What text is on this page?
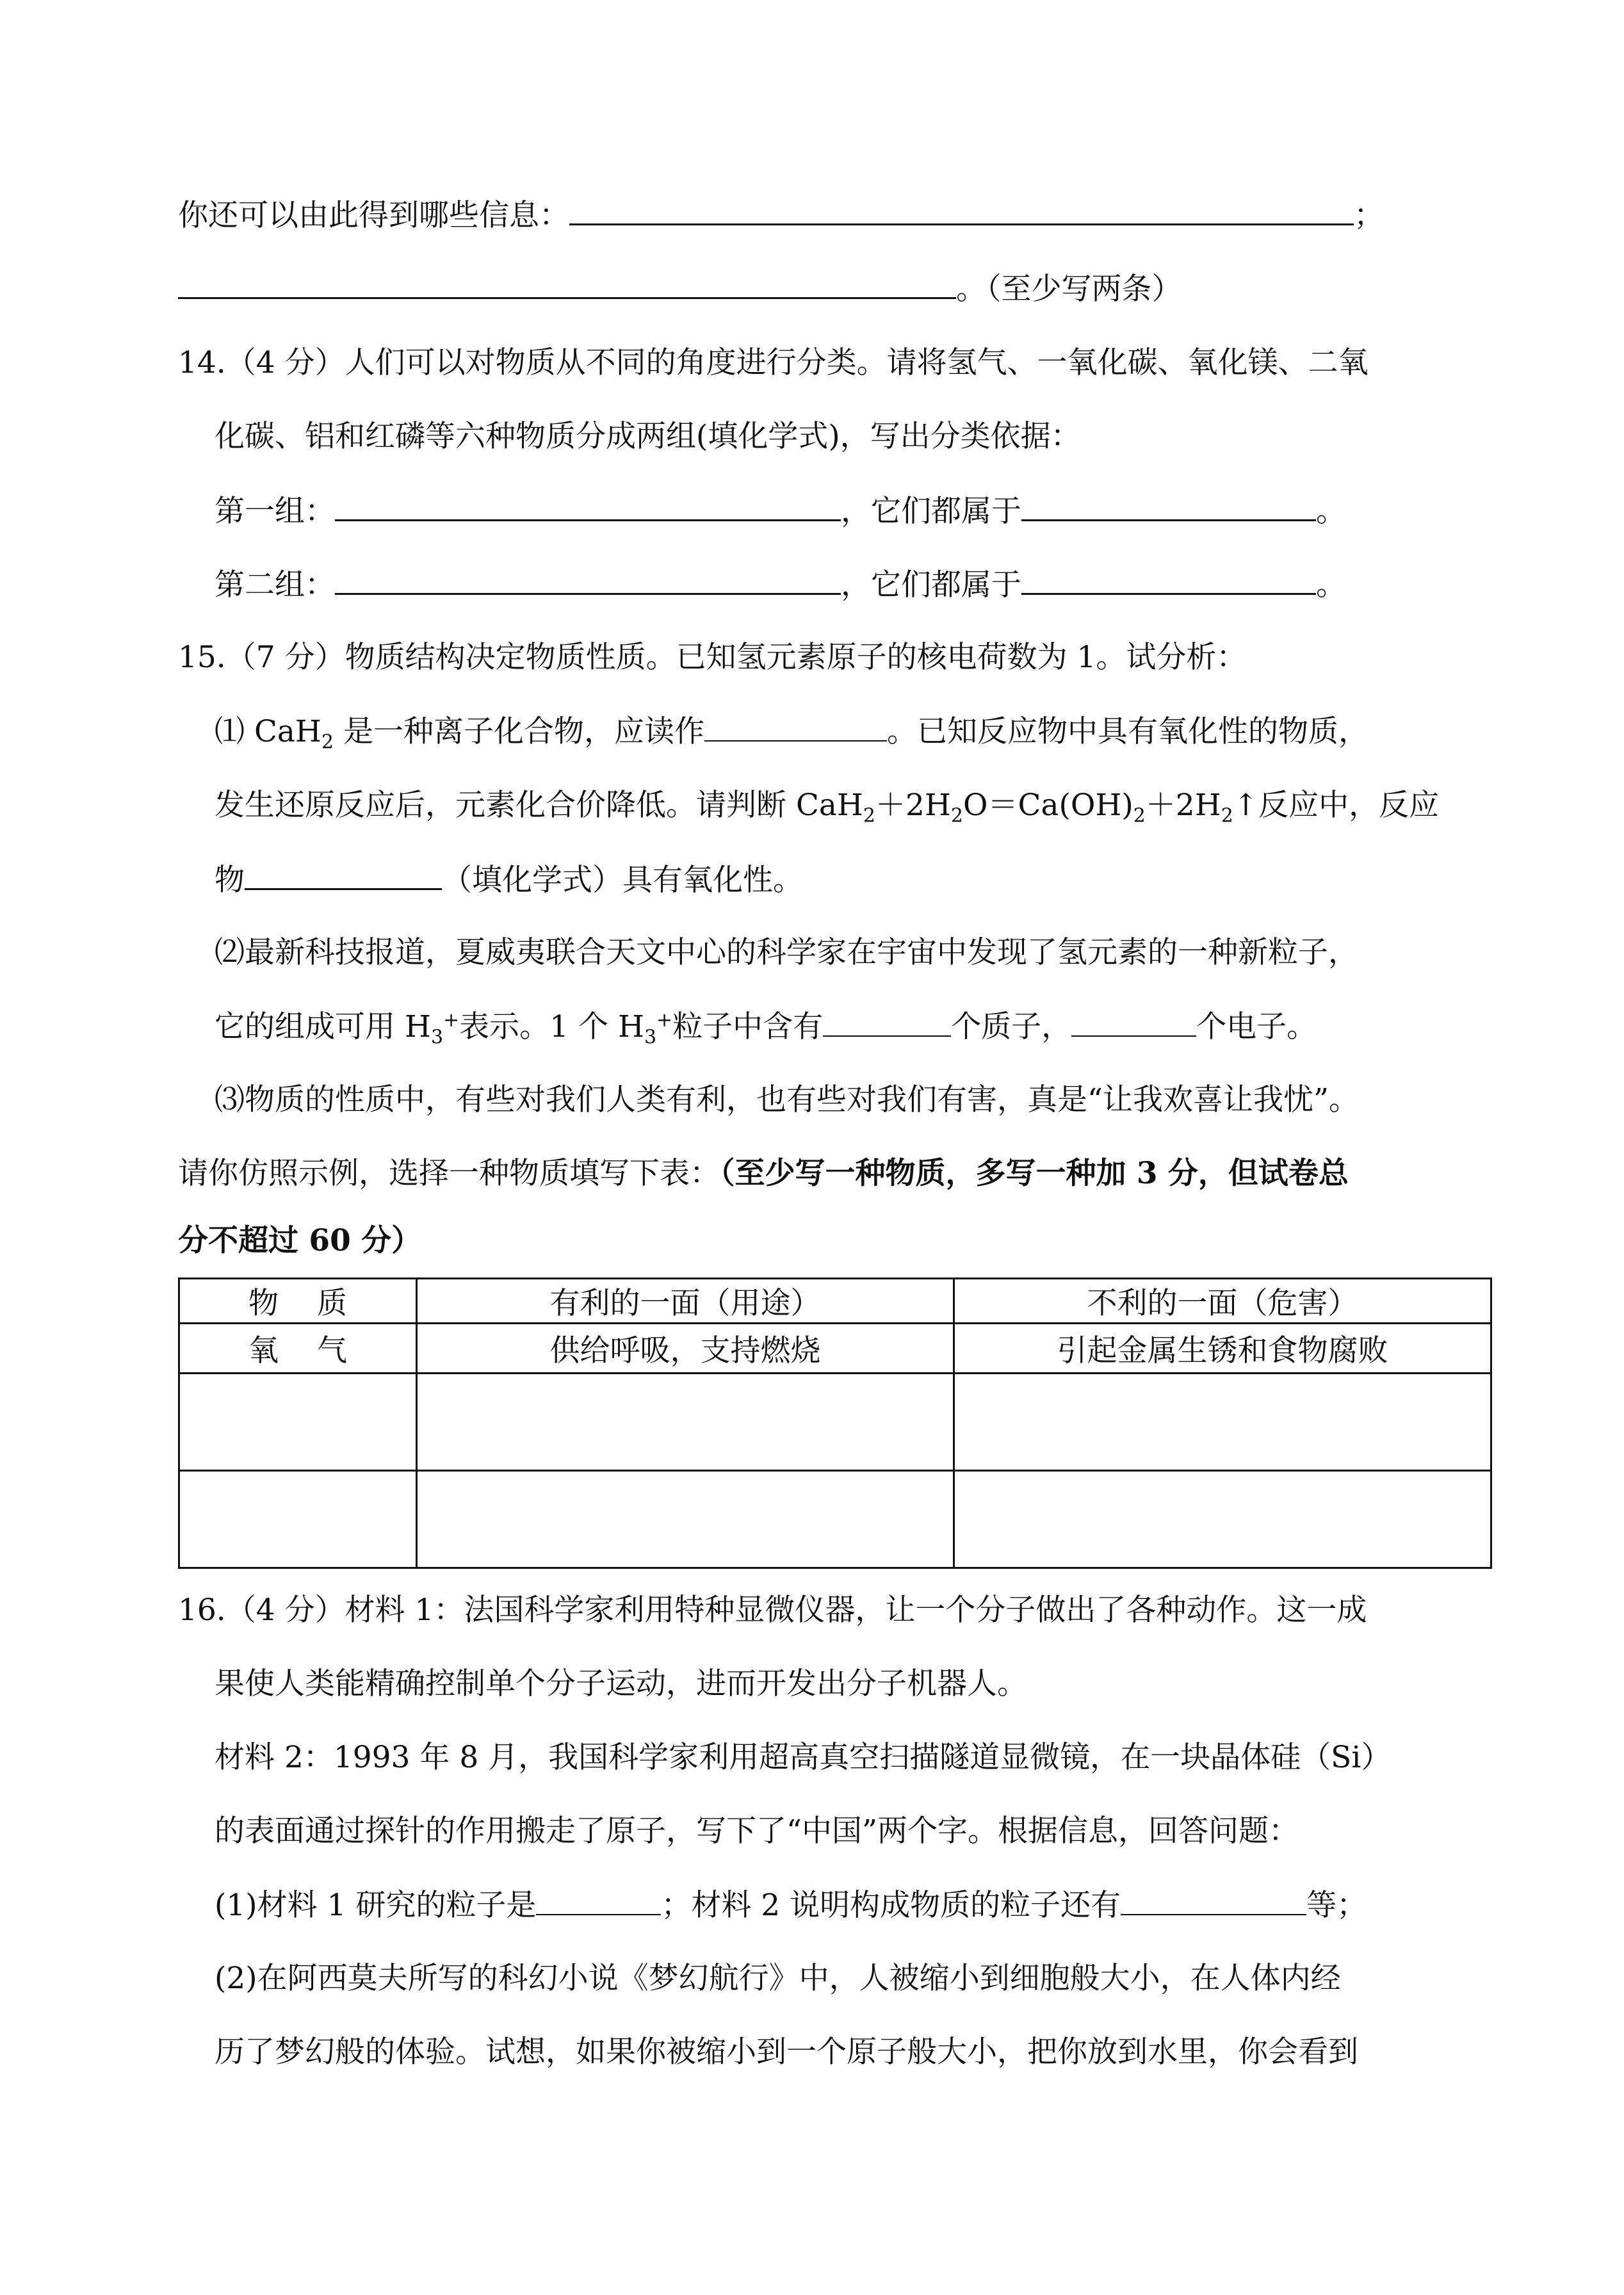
你还可以由此得到哪些信息：	；
。（至少写两条）
14.（4 分）人们可以对物质从不同的角度进行分类。请将氢气、一氧化碳、氧化镁、二氧
化碳、铝和红磷等六种物质分成两组(填化学式)，写出分类依据：
第一组：	，它们都属于	。
第二组：	，它们都属于	。
15.（7 分）物质结构决定物质性质。已知氢元素原子的核电荷数为 1。试分析：
⑴ CaH$_2$ 是一种离子化合物，应读作	。已知反应物中具有氧化性的物质，
发生还原反应后，元素化合价降低。请判断 $CaH_2+2H_2O=Ca(OH)_2+2H_2↑$反应中，反应
物	（填化学式）具有氧化性。
⑵最新科技报道，夏威夷联合天文中心的科学家在宇宙中发现了氢元素的一种新粒子，
它的组成可用 $H_3^+$表示。1 个 $H_3^+$粒子中含有	个质子，	个电子。
⑶物质的性质中，有些对我们人类有利，也有些对我们有害，真是“让我欢喜让我忧”。
请你仿照示例，选择一种物质填写下表：（至少写一种物质，多写一种加 3 分，但试卷总
分不超过 60 分）
物质	有利的一面（用途）	不利的一面（危害）
氧气	供给呼吸，支持燃烧	引起金属生锈和食物腐败

16.（4 分）材料 1：法国科学家利用特种显微仪器，让一个分子做出了各种动作。这一成
果使人类能精确控制单个分子运动，进而开发出分子机器人。
材料 2：1993 年 8 月，我国科学家利用超高真空扫描隧道显微镜，在一块晶体硅（Si）
的表面通过探针的作用搬走了原子，写下了“中国”两个字。根据信息，回答问题：
(1)材料 1 研究的粒子是	；材料 2 说明构成物质的粒子还有	等；
(2)在阿西莫夫所写的科幻小说《梦幻航行》中，人被缩小到细胞般大小，在人体内经
历了梦幻般的体验。试想，如果你被缩小到一个原子般大小，把你放到水里，你会看到
